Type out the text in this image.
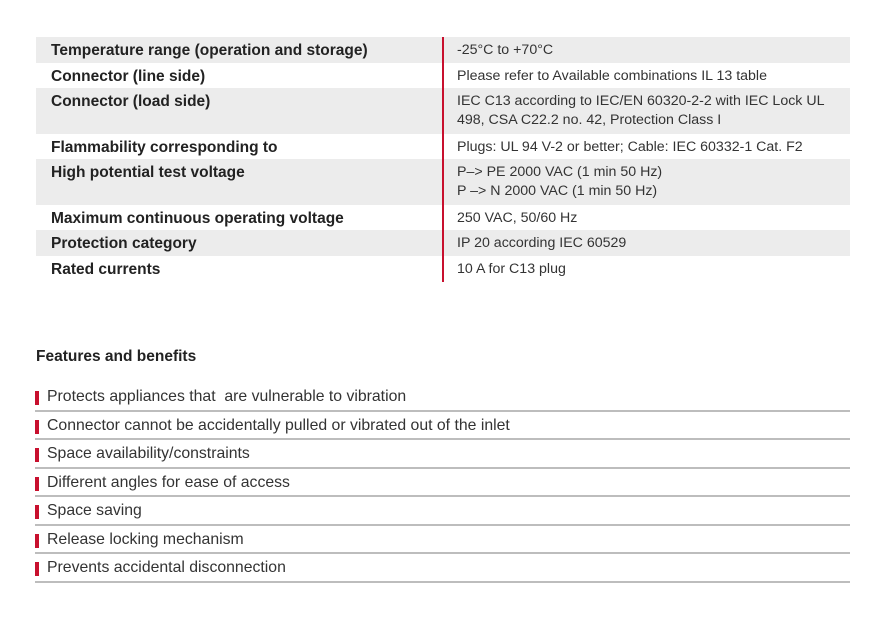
Temperature range (operation and storage)	-25°C to +70°C
Connector (line side)	Please refer to Available combinations IL 13 table
Connector (load side)	IEC C13 according to IEC/EN 60320-2-2 with IEC Lock UL
498, CSA C22.2 no. 42, Protection Class I
Flammability corresponding to	Plugs: UL 94 V-2 or better; Cable: IEC 60332-1 Cat. F2
High potential test voltage	P–> PE 2000 VAC (1 min 50 Hz)
P –> N 2000 VAC (1 min 50 Hz)
Maximum continuous operating voltage	250 VAC, 50/60 Hz
Protection category	IP 20 according IEC 60529
Rated currents	10 A for C13 plug
Features and benefits
Protects appliances that  are vulnerable to vibration
Connector cannot be accidentally pulled or vibrated out of the inlet
Space availability/constraints
Different angles for ease of access
Space saving
Release locking mechanism
Prevents accidental disconnection
